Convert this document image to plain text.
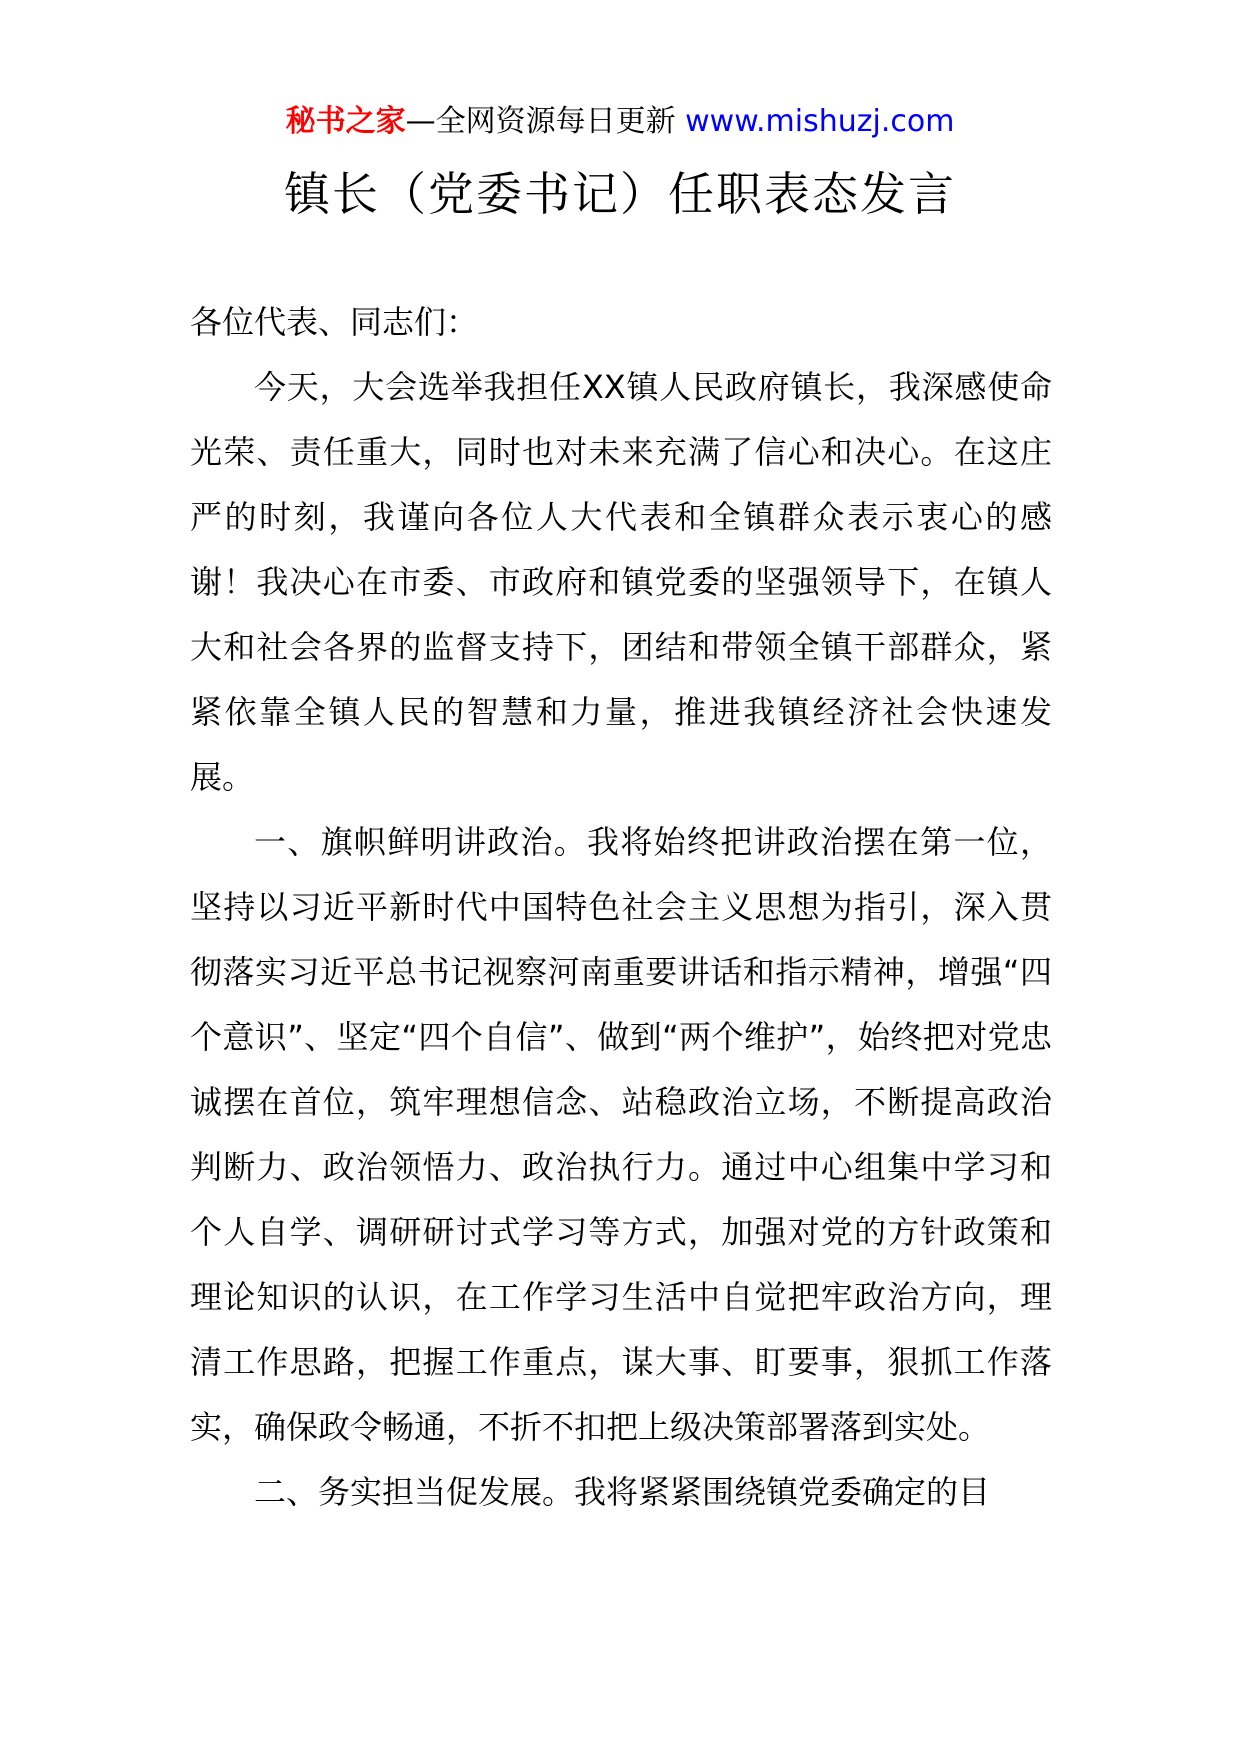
秘书之家—全网资源每日更新 www.mishuzj.com
镇长（党委书记）任职表态发言

各位代表、同志们：

今天，大会选举我担任XX镇人民政府镇长，我深感使命光荣、责任重大，同时也对未来充满了信心和决心。在这庄严的时刻，我谨向各位人大代表和全镇群众表示衷心的感谢！我决心在市委、市政府和镇党委的坚强领导下，在镇人大和社会各界的监督支持下，团结和带领全镇干部群众，紧紧依靠全镇人民的智慧和力量，推进我镇经济社会快速发展。

一、旗帜鲜明讲政治。我将始终把讲政治摆在第一位，坚持以习近平新时代中国特色社会主义思想为指引，深入贯彻落实习近平总书记视察河南重要讲话和指示精神，增强“四个意识”、坚定“四个自信”、做到“两个维护”，始终把对党忠诚摆在首位，筑牢理想信念、站稳政治立场，不断提高政治判断力、政治领悟力、政治执行力。通过中心组集中学习和个人自学、调研研讨式学习等方式，加强对党的方针政策和理论知识的认识，在工作学习生活中自觉把牢政治方向，理清工作思路，把握工作重点，谋大事、盯要事，狠抓工作落实，确保政令畅通，不折不扣把上级决策部署落到实处。

二、务实担当促发展。我将紧紧围绕镇党委确定的目
